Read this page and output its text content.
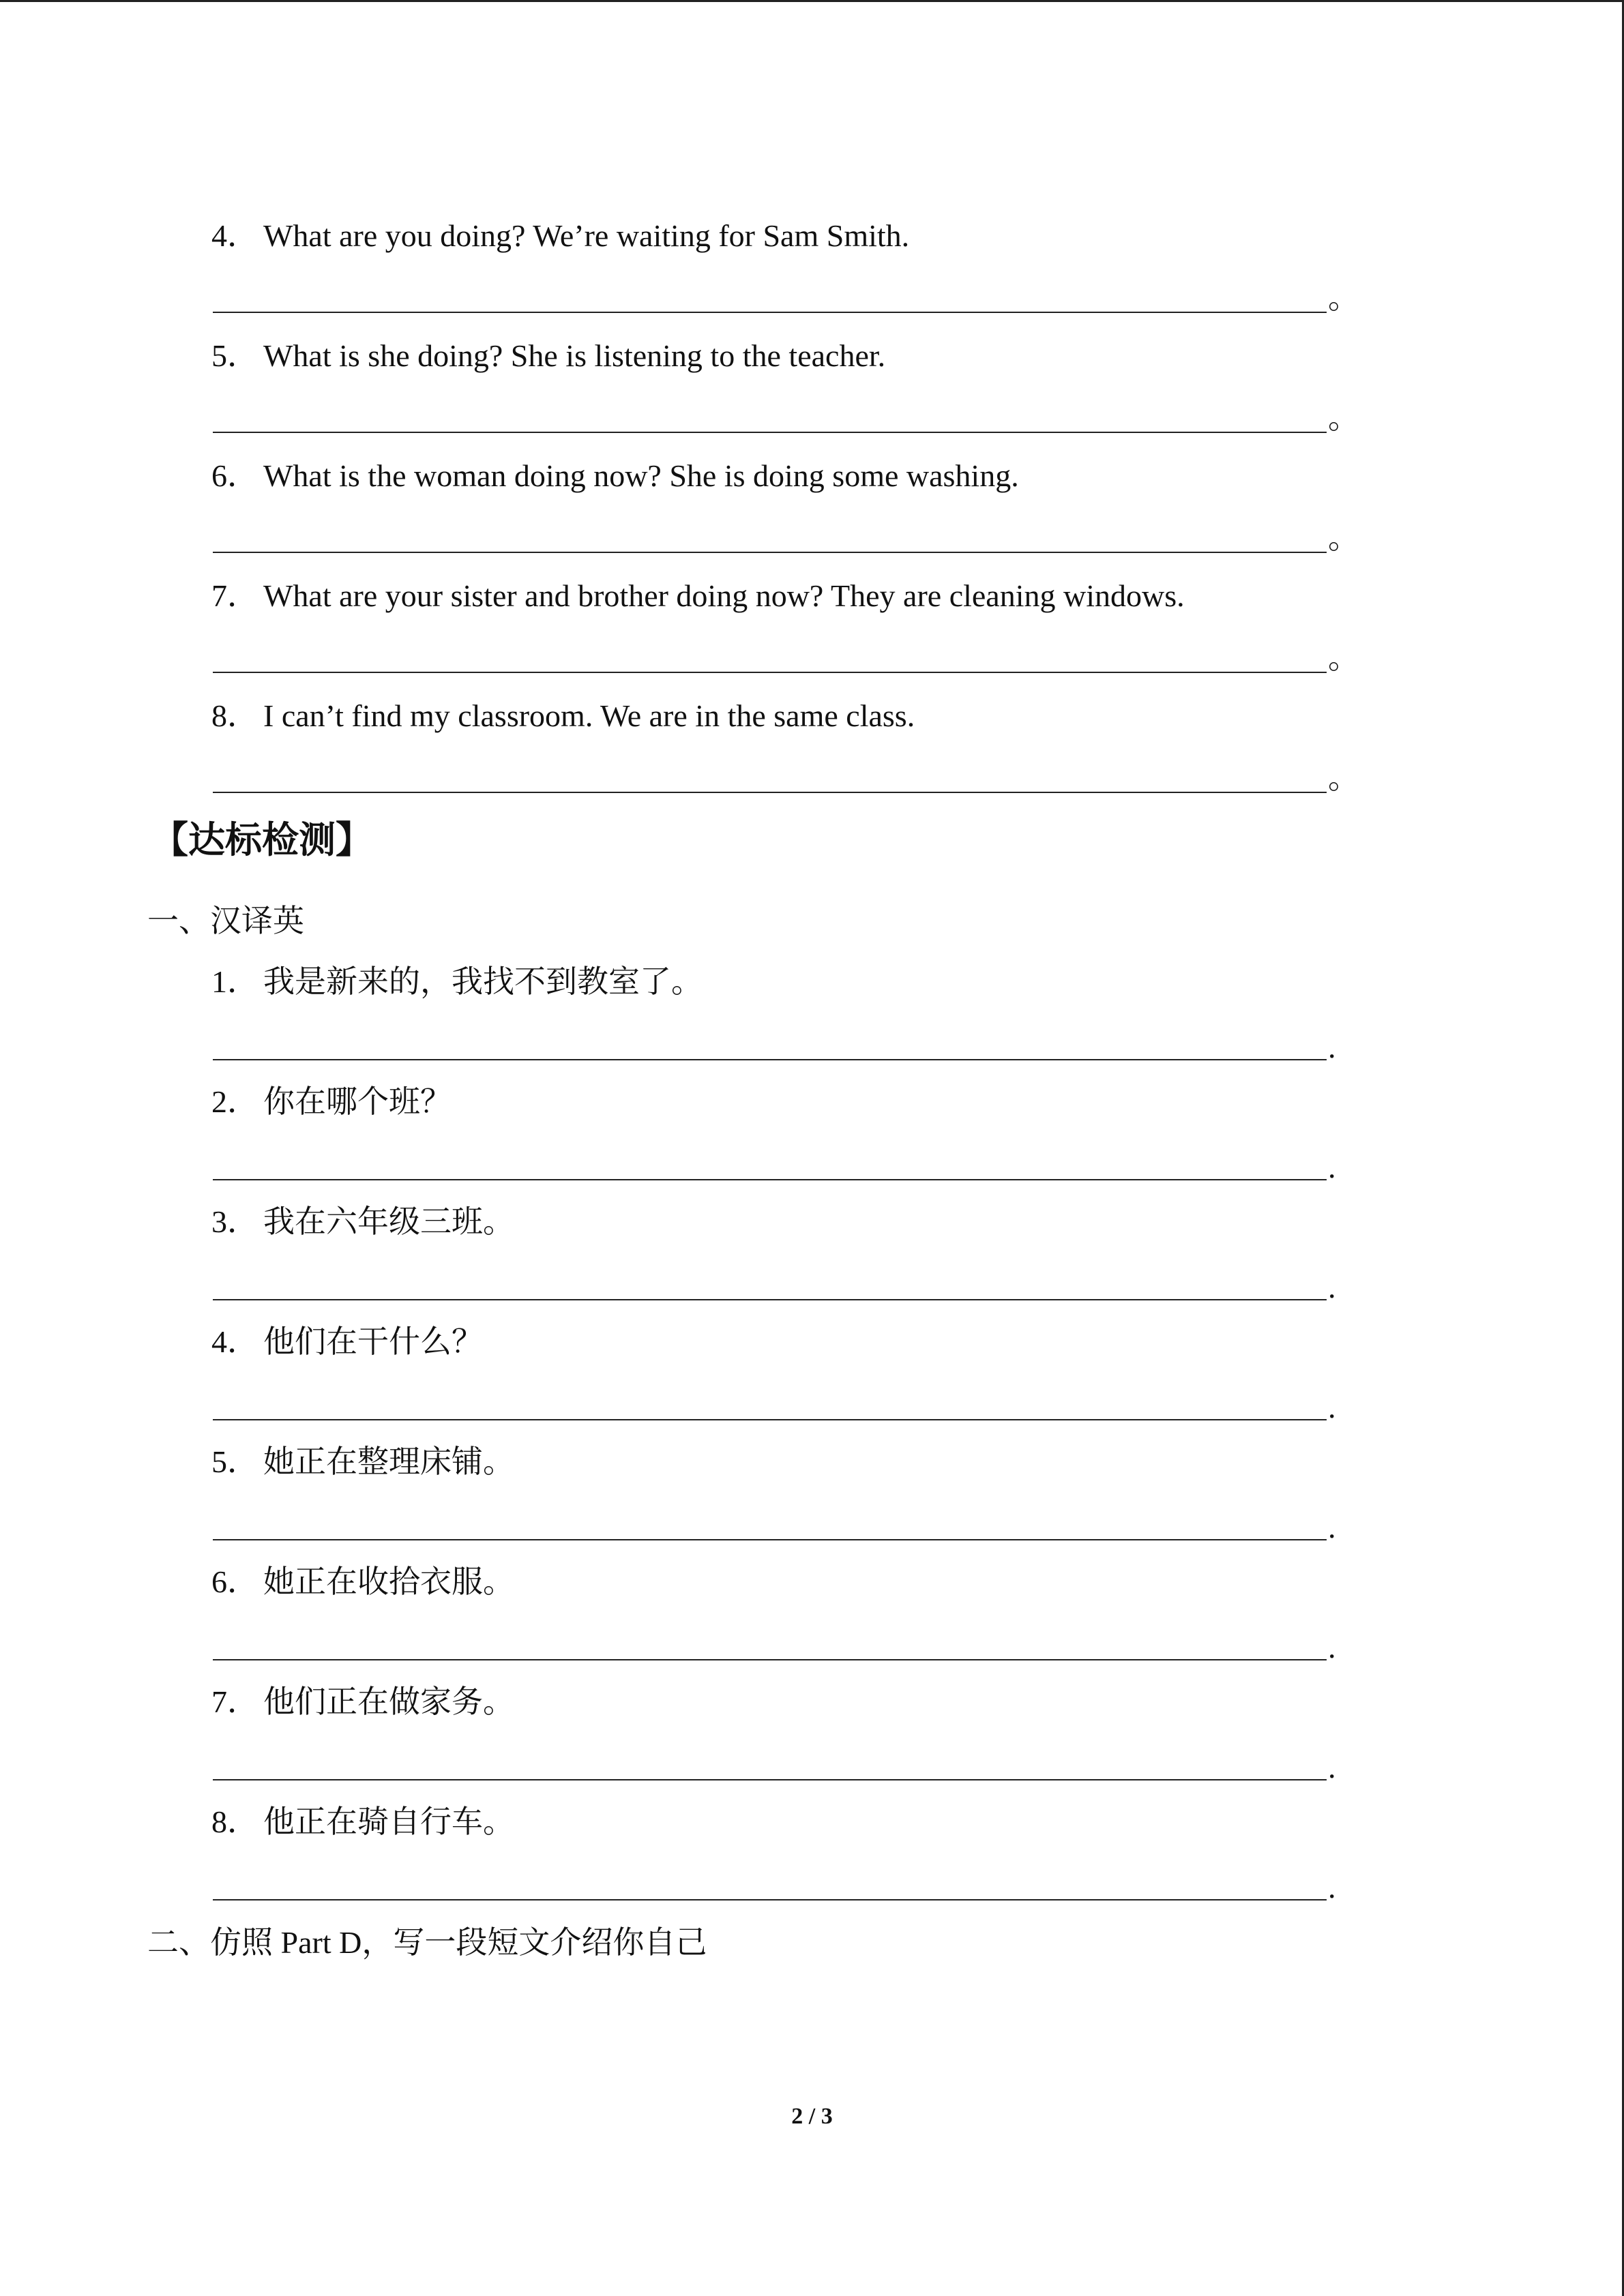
4． What are you doing? We’re waiting for Sam Smith.
。
5． What is she doing? She is listening to the teacher.
。
6． What is the woman doing now? She is doing some washing.
。
7． What are your sister and brother doing now? They are cleaning windows.
。
8． I can’t find my classroom. We are in the same class.
。
【达标检测】
一、汉译英
1． 我是新来的，我找不到教室了。
.
2． 你在哪个班？
.
3． 我在六年级三班。
.
4． 他们在干什么？
.
5． 她正在整理床铺。
.
6． 她正在收拾衣服。
.
7． 他们正在做家务。
.
8． 他正在骑自行车。
.
二、仿照 Part D，写一段短文介绍你自己
2 / 3
